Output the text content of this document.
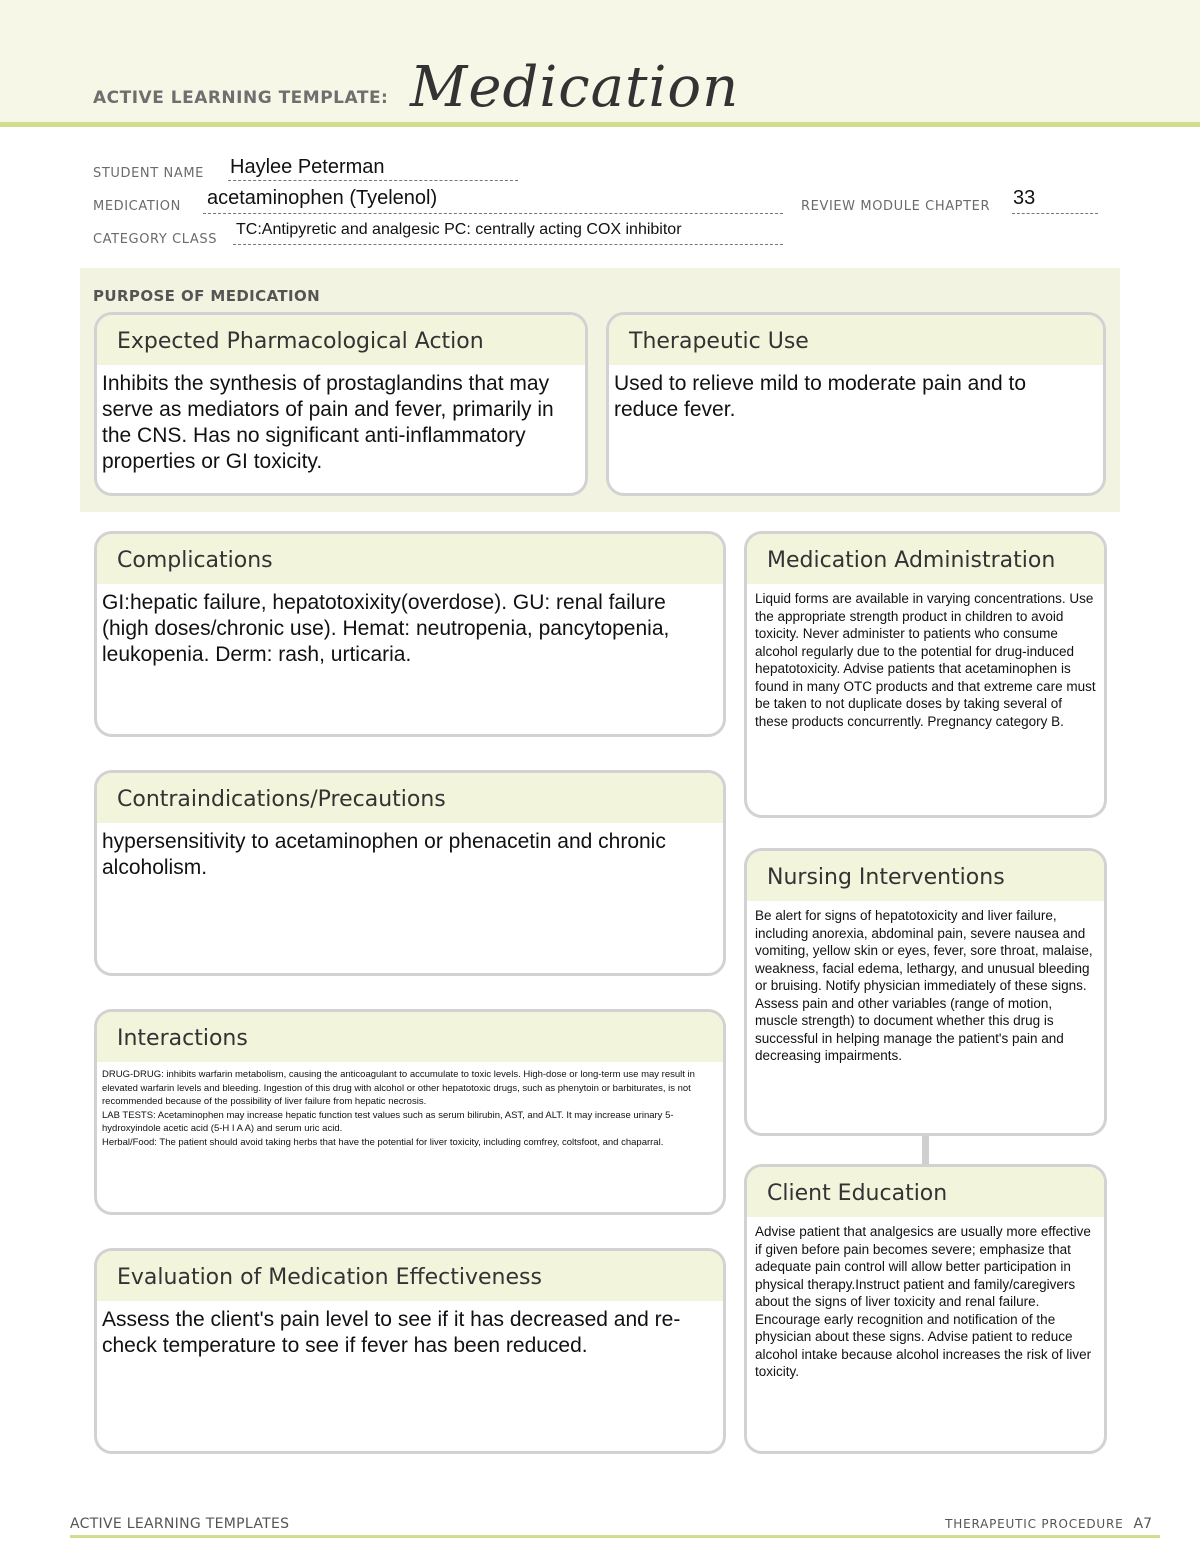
ACTIVE LEARNING TEMPLATE: Medication
STUDENT NAME Haylee Peterman
MEDICATION acetaminophen (Tyelenol)	REVIEW MODULE CHAPTER 33
CATEGORY CLASS
TC:Antipyretic and analgesic PC: centrally acting COX inhibitor
PURPOSE OF MEDICATION
Expected Pharmacological Action
Inhibits the synthesis of prostaglandins that may serve as mediators of pain and fever, primarily in the CNS. Has no significant anti-inflammatory properties or GI toxicity.
Therapeutic Use
Used to relieve mild to moderate pain and to reduce fever.
Complications
GI:hepatic failure, hepatotoxixity(overdose). GU: renal failure (high doses/chronic use). Hemat: neutropenia, pancytopenia, leukopenia. Derm: rash, urticaria.
Contraindications/Precautions
hypersensitivity to acetaminophen or phenacetin and chronic alcoholism.
Interactions
DRUG-DRUG: inhibits warfarin metabolism, causing the anticoagulant to accumulate to toxic levels. High-dose or long-term use may result in elevated warfarin levels and bleeding. Ingestion of this drug with alcohol or other hepatotoxic drugs, such as phenytoin or barbiturates, is not recommended because of the possibility of liver failure from hepatic necrosis.
LAB TESTS: Acetaminophen may increase hepatic function test values such as serum bilirubin, AST, and ALT. It may increase urinary 5-hydroxyindole acetic acid (5-H I A A) and serum uric acid.
Herbal/Food: The patient should avoid taking herbs that have the potential for liver toxicity, including comfrey, coltsfoot, and chaparral.
Evaluation of Medication Effectiveness
Assess the client's pain level to see if it has decreased and re-check temperature to see if fever has been reduced.
Medication Administration
Liquid forms are available in varying concentrations. Use the appropriate strength product in children to avoid toxicity. Never administer to patients who consume alcohol regularly due to the potential for drug-induced hepatotoxicity. Advise patients that acetaminophen is found in many OTC products and that extreme care must be taken to not duplicate doses by taking several of these products concurrently. Pregnancy category B.
Nursing Interventions
Be alert for signs of hepatotoxicity and liver failure, including anorexia, abdominal pain, severe nausea and vomiting, yellow skin or eyes, fever, sore throat, malaise, weakness, facial edema, lethargy, and unusual bleeding or bruising. Notify physician immediately of these signs. Assess pain and other variables (range of motion, muscle strength) to document whether this drug is successful in helping manage the patient's pain and decreasing impairments.
Client Education
Advise patient that analgesics are usually more effective if given before pain becomes severe; emphasize that adequate pain control will allow better participation in physical therapy.Instruct patient and family/caregivers about the signs of liver toxicity and renal failure. Encourage early recognition and notification of the physician about these signs. Advise patient to reduce alcohol intake because alcohol increases the risk of liver toxicity.
ACTIVE LEARNING TEMPLATES	THERAPEUTIC PROCEDURE A7
